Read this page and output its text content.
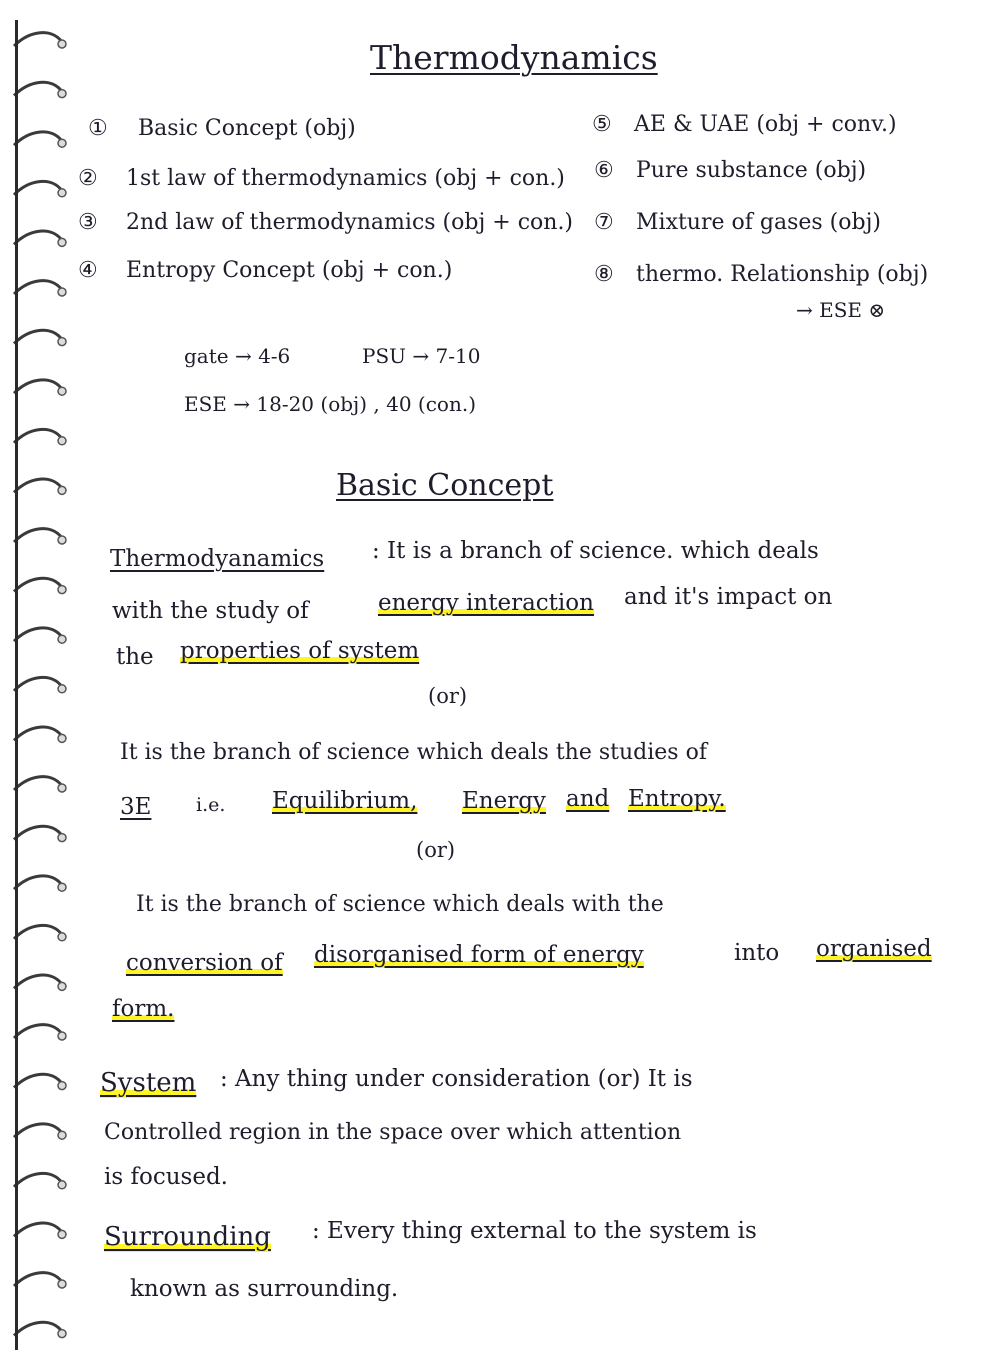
Thermodynamics
① Basic Concept (obj)
② 1st law of thermodynamics (obj + con.)
③ 2nd law of thermodynamics (obj + con.)
④ Entropy Concept (obj + con.)
⑤ AE & UAE (obj + conv.)
⑥ Pure substance (obj)
⑦ Mixture of gases (obj)
⑧ thermo. Relationship (obj)
→ ESE ⊗
gate → 4-6	PSU → 7-10
ESE → 18-20 (obj) , 40 (con.)
Basic Concept
Thermodyanamics : It is a branch of science. which deals
with the study of	energy interaction and it's impact on
the properties of system
(or)
It is the branch of science which deals the studies of
3E i.e. Equilibrium, Energy and Entropy.
(or)
It is the branch of science which deals with the
conversion of disorganised form of energy	into organised
form.
System : Any thing under consideration (or) It is
Controlled region in the space over which attention
is focused.
Surrounding : Every thing external to the system is
known as surrounding.
